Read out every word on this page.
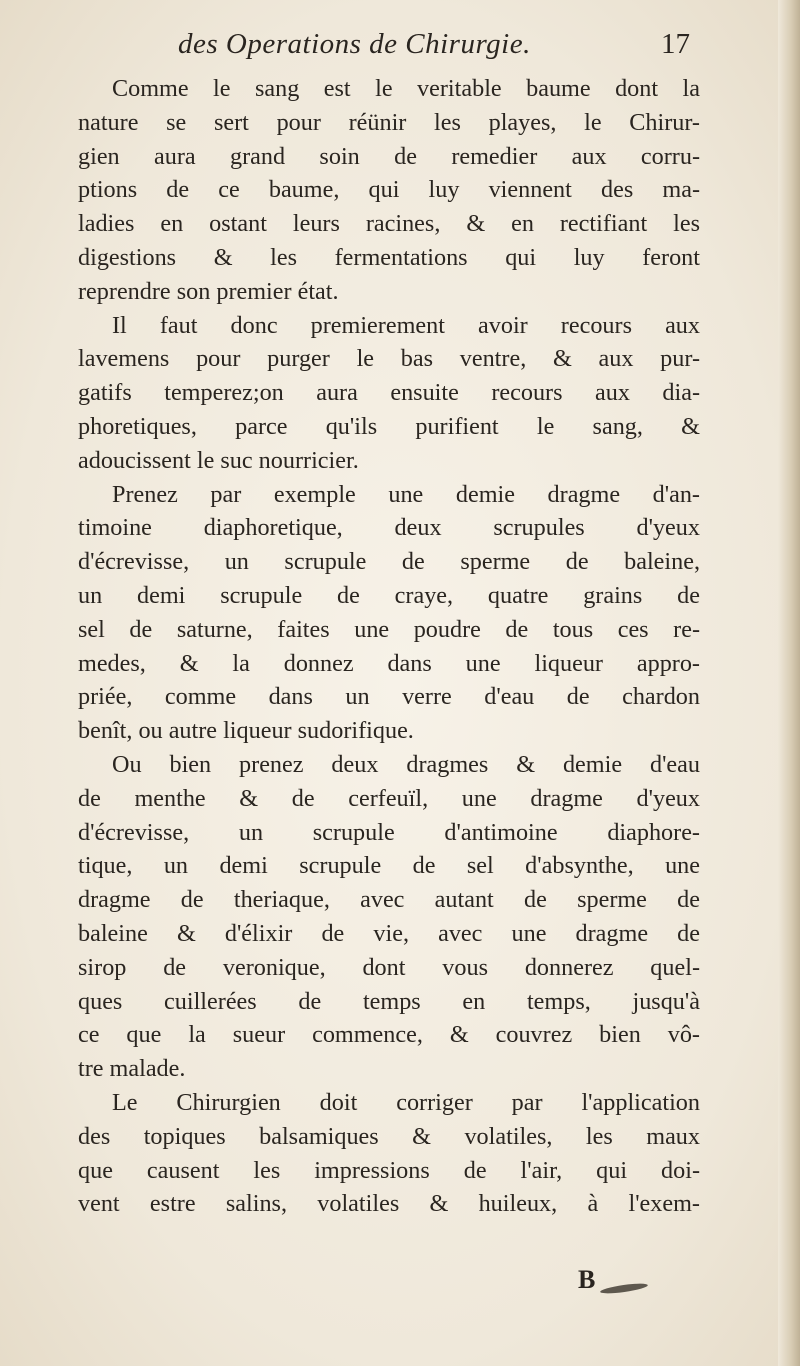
des Operations de Chirurgie.	17
Comme le sang est le veritable baume dont la
nature se sert pour réünir les playes, le Chirur-
gien aura grand soin de remedier aux corru-
ptions de ce baume, qui luy viennent des ma-
ladies en ostant leurs racines, & en rectifiant les
digestions & les fermentations qui luy feront
reprendre son premier état.
Il faut donc premierement avoir recours aux
lavemens pour purger le bas ventre, & aux pur-
gatifs temperez;on aura ensuite recours aux dia-
phoretiques, parce qu'ils purifient le sang, &
adoucissent le suc nourricier.
Prenez par exemple une demie dragme d'an-
timoine diaphoretique, deux scrupules d'yeux
d'écrevisse, un scrupule de sperme de baleine,
un demi scrupule de craye, quatre grains de
sel de saturne, faites une poudre de tous ces re-
medes, & la donnez dans une liqueur appro-
priée, comme dans un verre d'eau de chardon
benît, ou autre liqueur sudorifique.
Ou bien prenez deux dragmes & demie d'eau
de menthe & de cerfeuïl, une dragme d'yeux
d'écrevisse, un scrupule d'antimoine diaphore-
tique, un demi scrupule de sel d'absynthe, une
dragme de theriaque, avec autant de sperme de
baleine & d'élixir de vie, avec une dragme de
sirop de veronique, dont vous donnerez quel-
ques cuillerées de temps en temps, jusqu'à
ce que la sueur commence, & couvrez bien vô-
tre malade.
Le Chirurgien doit corriger par l'application
des topiques balsamiques & volatiles, les maux
que causent les impressions de l'air, qui doi-
vent estre salins, volatiles & huileux, à l'exem-
B
